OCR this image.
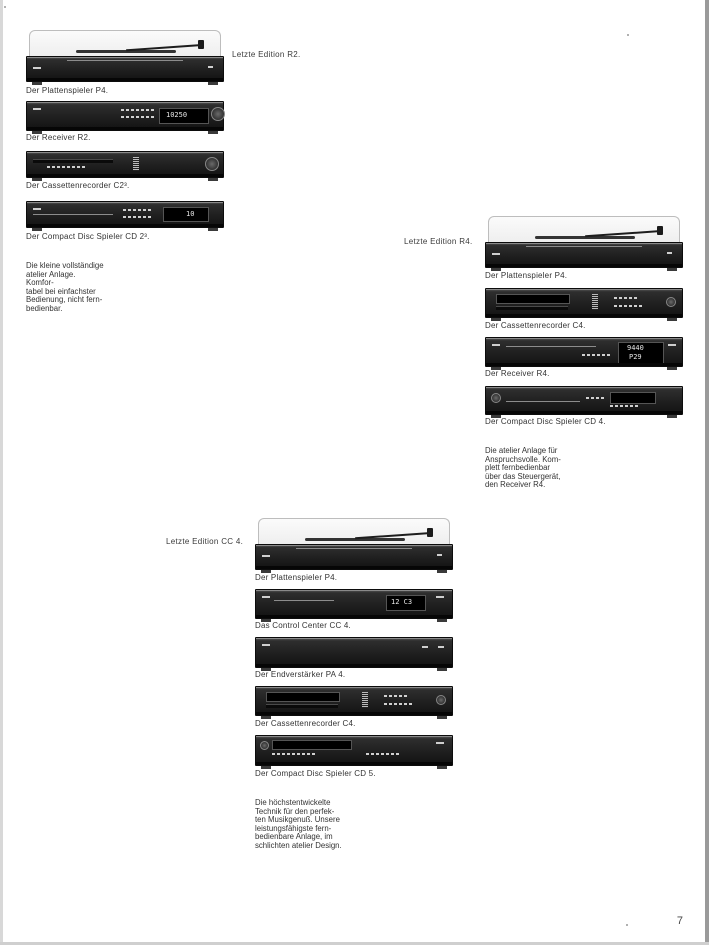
Letzte Edition R2.
Der Plattenspieler P4.
10250
Der Receiver R2.
Der Cassettenrecorder C2³.
10
Der Compact Disc Spieler CD 2³.
Die kleine vollständige
atelier Anlage.
Komfor-
tabel bei einfachster
Bedienung, nicht fern-
bedienbar.
Letzte Edition R4.
Der Plattenspieler P4.
Der Cassettenrecorder C4.
9440
P29
Der Receiver R4.
Der Compact Disc Spieler CD 4.
Die atelier Anlage für
Anspruchsvolle. Kom-
plett fernbedienbar
über das Steuergerät,
den Receiver R4.
Letzte Edition CC 4.
Der Plattenspieler P4.
12 C3
Das Control Center CC 4.
Der Endverstärker PA 4.
Der Cassettenrecorder C4.
Der Compact Disc Spieler CD 5.
Die höchstentwickelte
Technik für den perfek-
ten Musikgenuß. Unsere
leistungsfähigste fern-
bedienbare Anlage, im
schlichten atelier Design.
7
